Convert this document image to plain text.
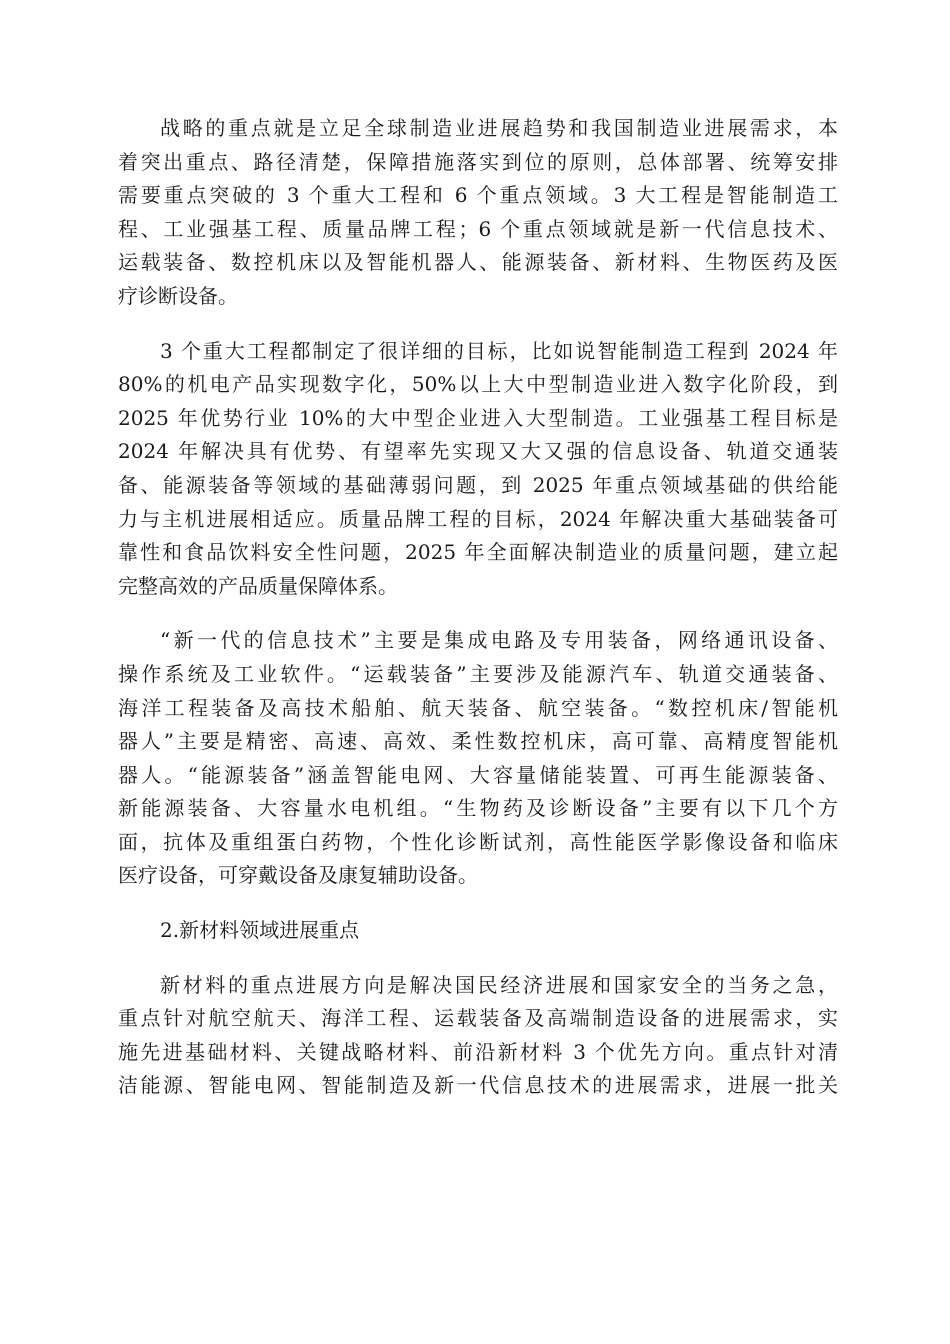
战略的重点就是立足全球制造业进展趋势和我国制造业进展需求，本
着突出重点、路径清楚，保障措施落实到位的原则，总体部署、统筹安排
需要重点突破的 3 个重大工程和 6 个重点领域。3 大工程是智能制造工
程、工业强基工程、质量品牌工程；6 个重点领域就是新一代信息技术、
运载装备、数控机床以及智能机器人、能源装备、新材料、生物医药及医
疗诊断设备。
3 个重大工程都制定了很详细的目标，比如说智能制造工程到 2024 年
80%的机电产品实现数字化，50%以上大中型制造业进入数字化阶段，到
2025 年优势行业 10%的大中型企业进入大型制造。工业强基工程目标是
2024 年解决具有优势、有望率先实现又大又强的信息设备、轨道交通装
备、能源装备等领域的基础薄弱问题，到 2025 年重点领域基础的供给能
力与主机进展相适应。质量品牌工程的目标，2024 年解决重大基础装备可
靠性和食品饮料安全性问题，2025 年全面解决制造业的质量问题，建立起
完整高效的产品质量保障体系。
“新一代的信息技术”主要是集成电路及专用装备，网络通讯设备、
操作系统及工业软件。“运载装备”主要涉及能源汽车、轨道交通装备、
海洋工程装备及高技术船舶、航天装备、航空装备。“数控机床/智能机
器人”主要是精密、高速、高效、柔性数控机床，高可靠、高精度智能机
器人。“能源装备”涵盖智能电网、大容量储能装置、可再生能源装备、
新能源装备、大容量水电机组。“生物药及诊断设备”主要有以下几个方
面，抗体及重组蛋白药物，个性化诊断试剂，高性能医学影像设备和临床
医疗设备，可穿戴设备及康复辅助设备。
2.新材料领域进展重点
新材料的重点进展方向是解决国民经济进展和国家安全的当务之急，
重点针对航空航天、海洋工程、运载装备及高端制造设备的进展需求，实
施先进基础材料、关键战略材料、前沿新材料 3 个优先方向。重点针对清
洁能源、智能电网、智能制造及新一代信息技术的进展需求，进展一批关
